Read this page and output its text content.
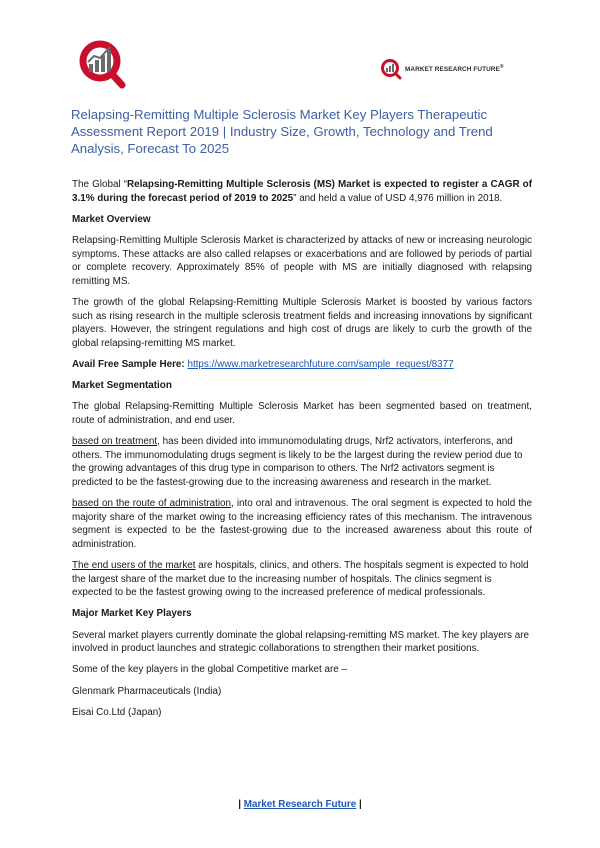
MARKET RESEARCH FUTURE®
Relapsing-Remitting Multiple Sclerosis Market Key Players Therapeutic Assessment Report 2019 | Industry Size, Growth, Technology and Trend Analysis, Forecast To 2025

The Global “Relapsing-Remitting Multiple Sclerosis (MS) Market is expected to register a CAGR of 3.1% during the forecast period of 2019 to 2025” and held a value of USD 4,976 million in 2018.

Market Overview

Relapsing-Remitting Multiple Sclerosis Market is characterized by attacks of new or increasing neurologic symptoms. These attacks are also called relapses or exacerbations and are followed by periods of partial or complete recovery. Approximately 85% of people with MS are initially diagnosed with relapsing remitting MS.

The growth of the global Relapsing-Remitting Multiple Sclerosis Market is boosted by various factors such as rising research in the multiple sclerosis treatment fields and increasing innovations by significant players. However, the stringent regulations and high cost of drugs are likely to curb the growth of the global relapsing-remitting MS market.

Avail Free Sample Here: https://www.marketresearchfuture.com/sample_request/8377

Market Segmentation

The global Relapsing-Remitting Multiple Sclerosis Market has been segmented based on treatment, route of administration, and end user.

based on treatment, has been divided into immunomodulating drugs, Nrf2 activators, interferons, and others. The immunomodulating drugs segment is likely to be the largest during the review period due to the growing advantages of this drug type in comparison to others. The Nrf2 activators segment is predicted to be the fastest-growing due to the increasing awareness and research in the market.

based on the route of administration, into oral and intravenous. The oral segment is expected to hold the majority share of the market owing to the increasing efficiency rates of this mechanism. The intravenous segment is expected to be the fastest-growing due to the increased awareness about this route of administration.

The end users of the market are hospitals, clinics, and others. The hospitals segment is expected to hold the largest share of the market due to the increasing number of hospitals. The clinics segment is expected to be the fastest growing owing to the increased preference of medical professionals.

Major Market Key Players

Several market players currently dominate the global relapsing-remitting MS market. The key players are involved in product launches and strategic collaborations to strengthen their market positions.

Some of the key players in the global Competitive market are –

Glenmark Pharmaceuticals (India)

Eisai Co.Ltd (Japan)

| Market Research Future |
